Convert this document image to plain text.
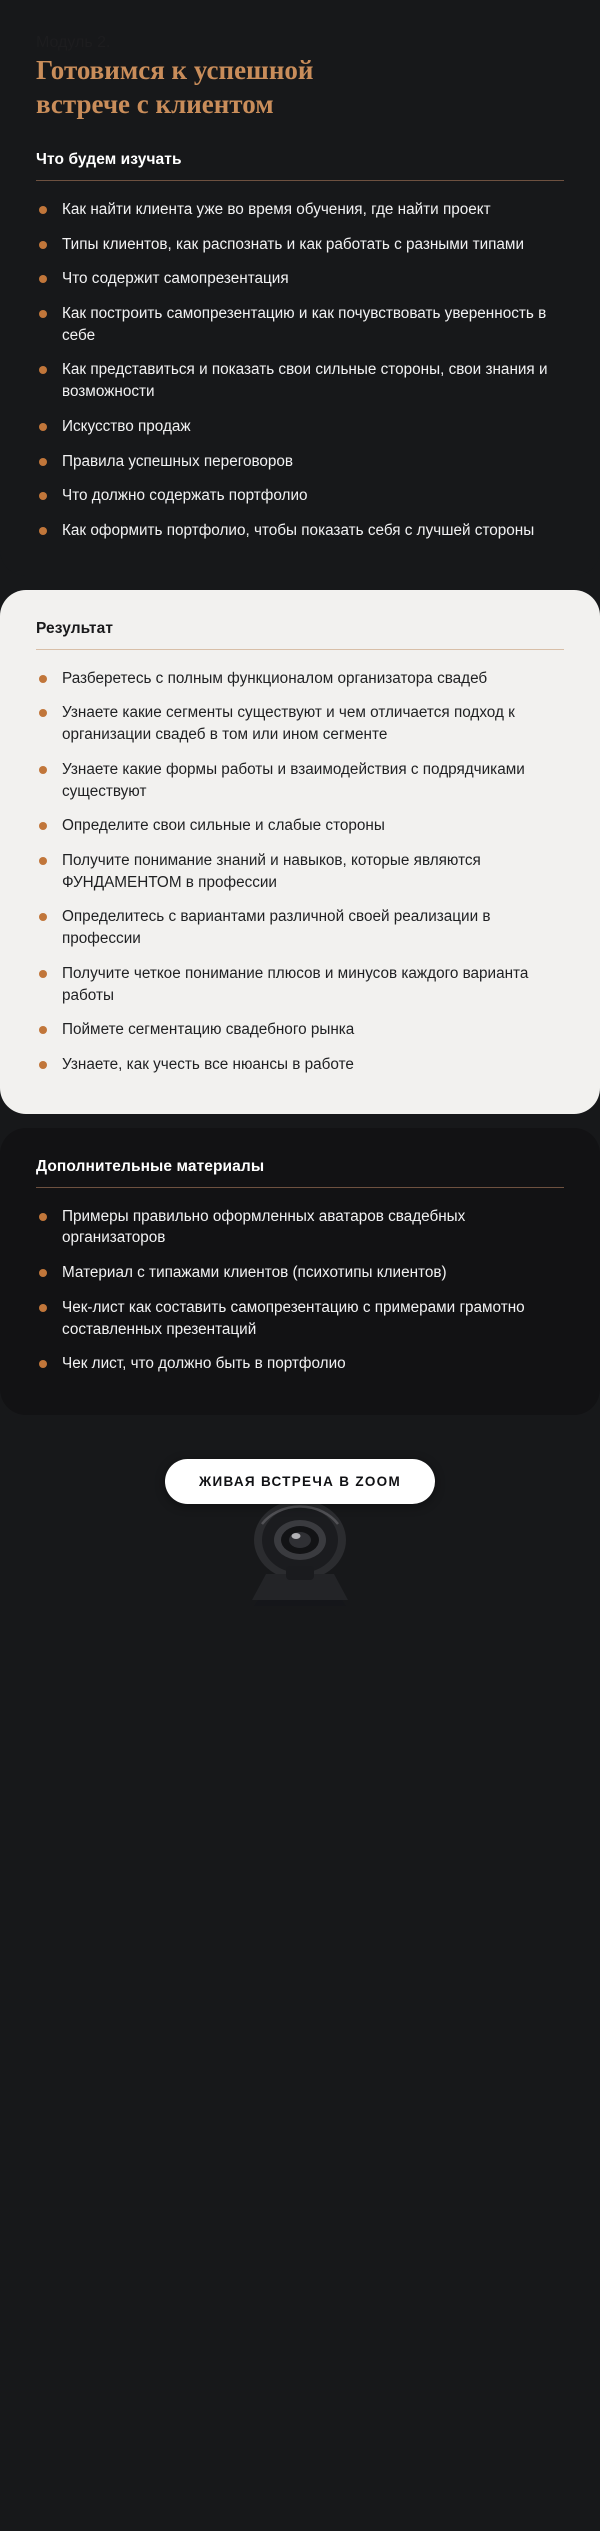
Модуль 2.
Готовимся к успешной
встрече с клиентом
Что будем изучать
Как найти клиента уже во время обучения, где найти проект
Типы клиентов, как распознать и как работать с разными типами
Что содержит самопрезентация
Как построить самопрезентацию и как почувствовать уверенность в себе
Как представиться и показать свои сильные стороны, свои знания и возможности
Искусство продаж
Правила успешных переговоров
Что должно содержать портфолио
Как оформить портфолио, чтобы показать себя с лучшей стороны
Результат
Разберетесь с полным функционалом организатора свадеб
Узнаете какие сегменты существуют и чем отличается подход к организации свадеб в том или ином сегменте
Узнаете какие формы работы и взаимодействия с подрядчиками существуют
Определите свои сильные и слабые стороны
Получите понимание знаний и навыков, которые являются ФУНДАМЕНТОМ в профессии
Определитесь с вариантами различной своей реализации в профессии
Получите четкое понимание плюсов и минусов каждого варианта работы
Поймете сегментацию свадебного рынка
Узнаете, как учесть все нюансы в работе
Дополнительные материалы
Примеры правильно оформленных аватаров свадебных организаторов
Материал с типажами клиентов (психотипы клиентов)
Чек-лист как составить самопрезентацию с примерами грамотно составленных презентаций
Чек лист, что должно быть в портфолио
ЖИВАЯ ВСТРЕЧА В ZOOM
